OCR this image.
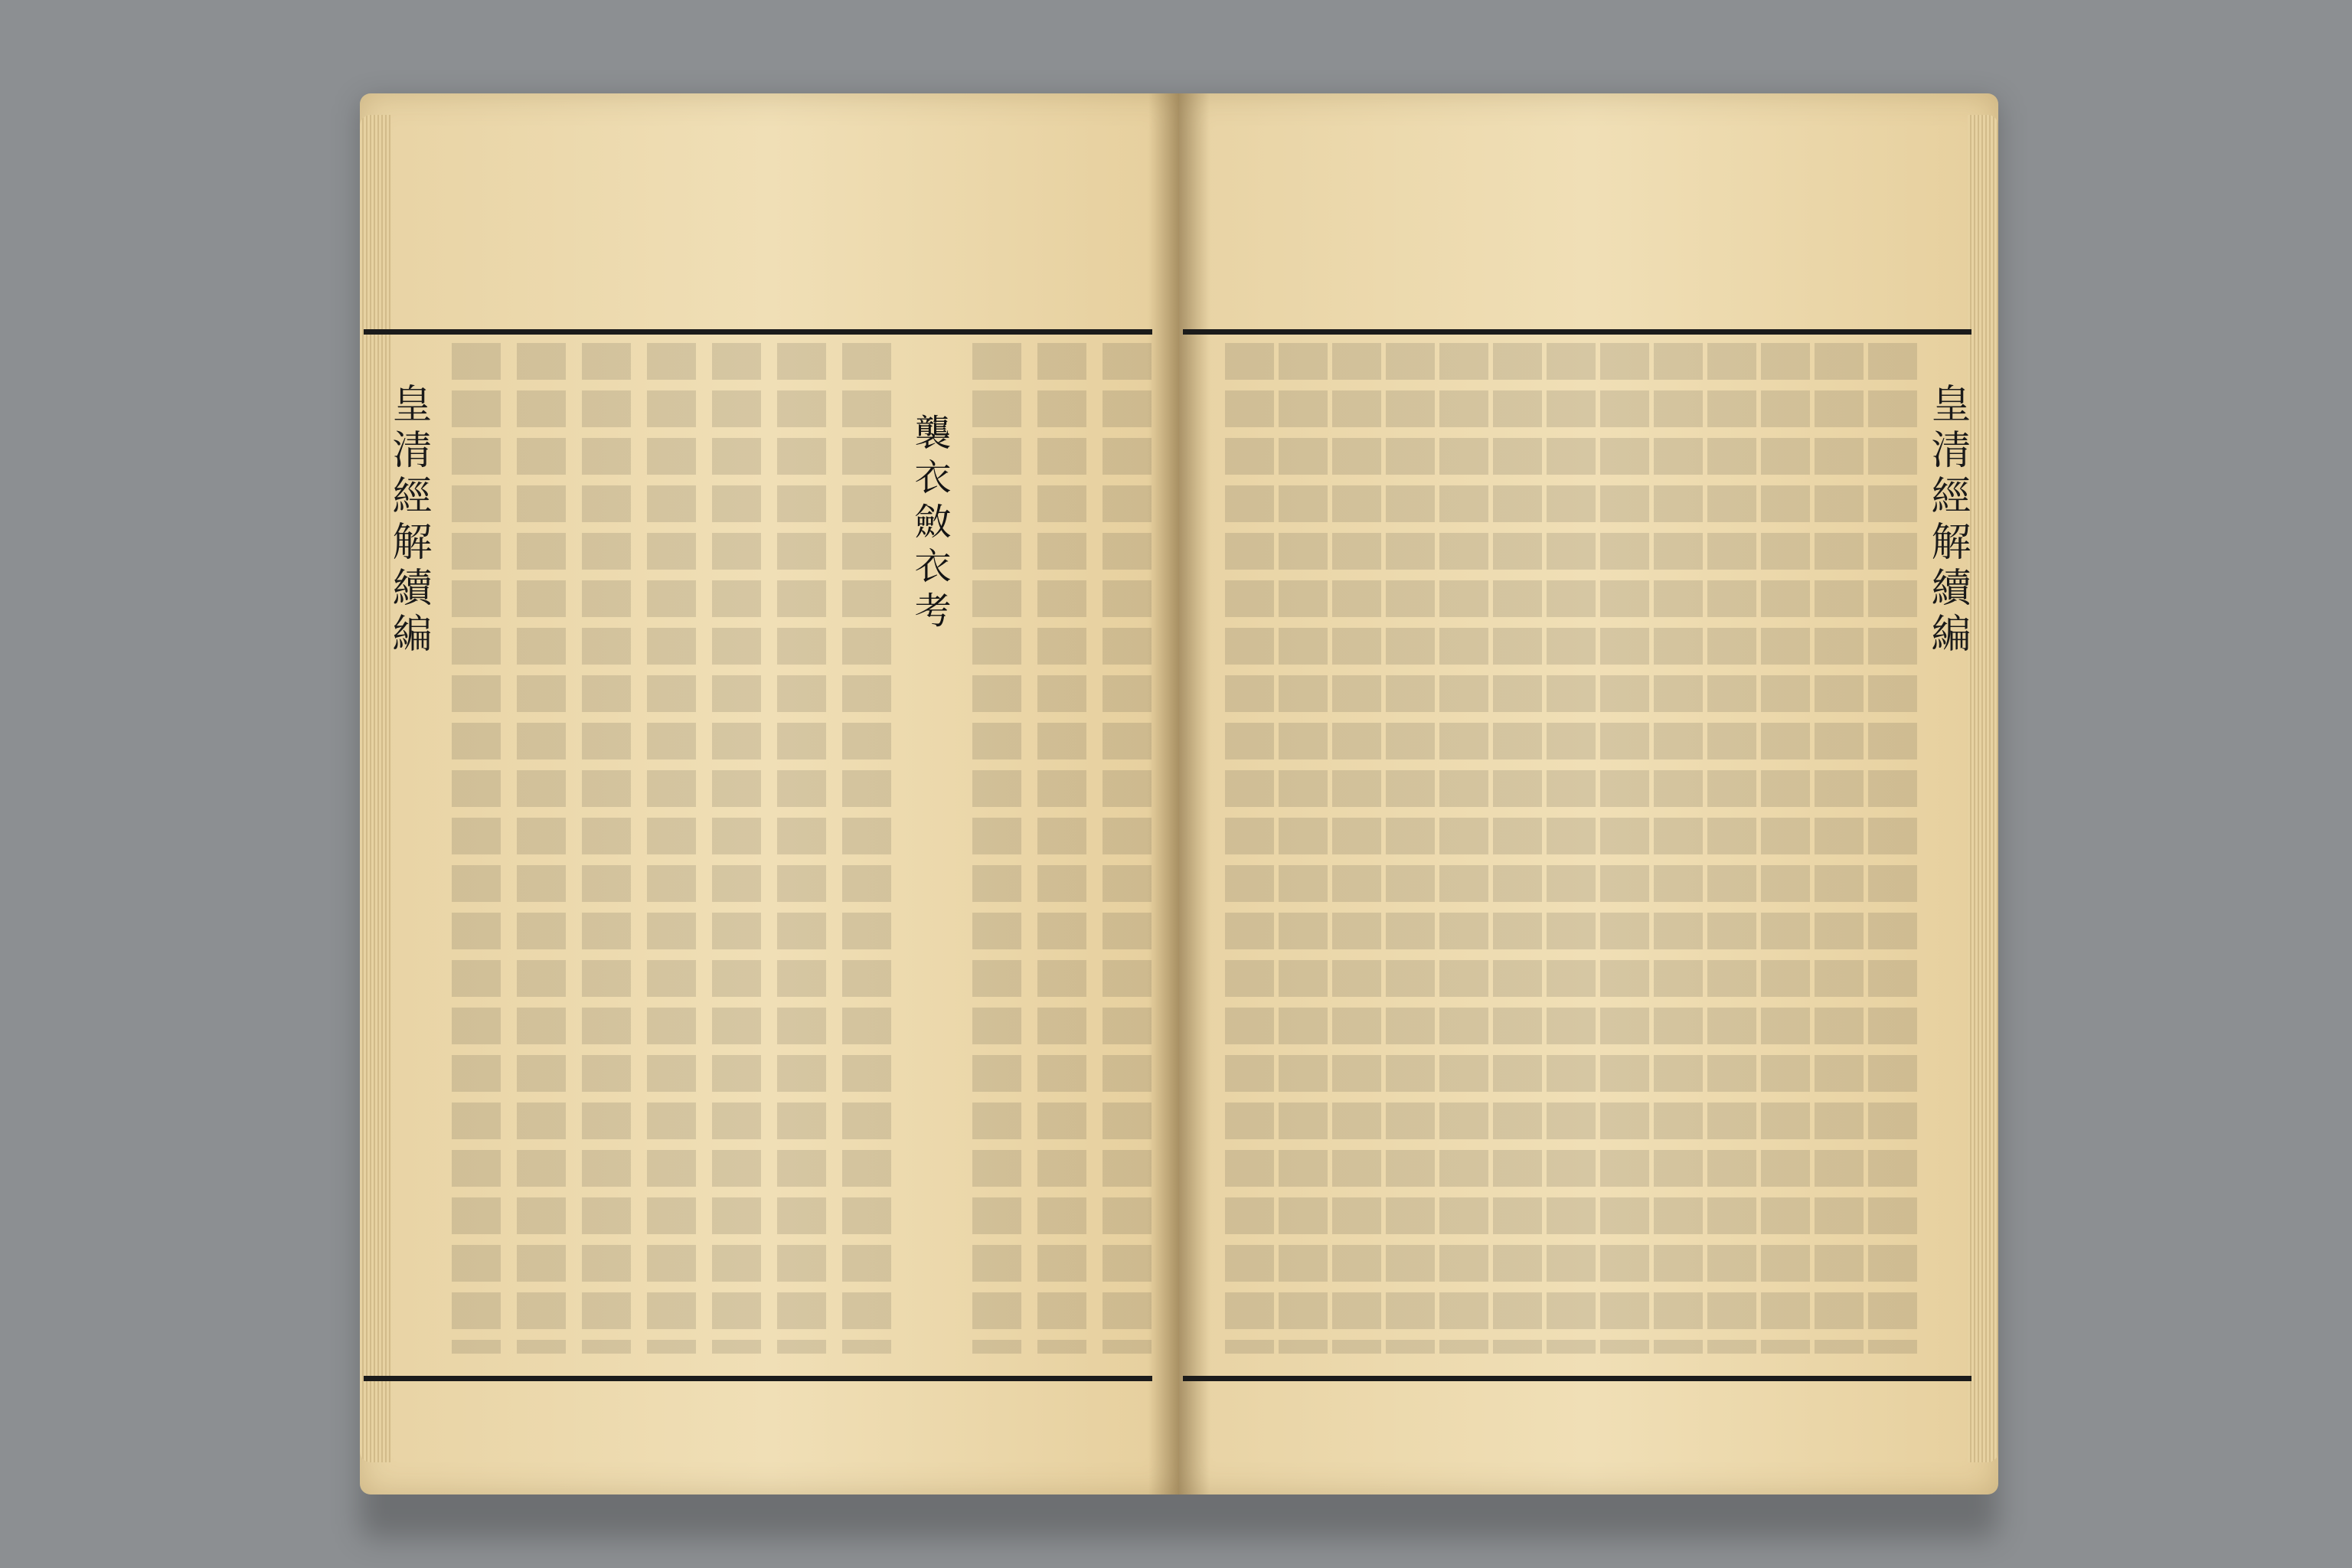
皇清經解續編	皇清經解續編
襲衣斂衣考
